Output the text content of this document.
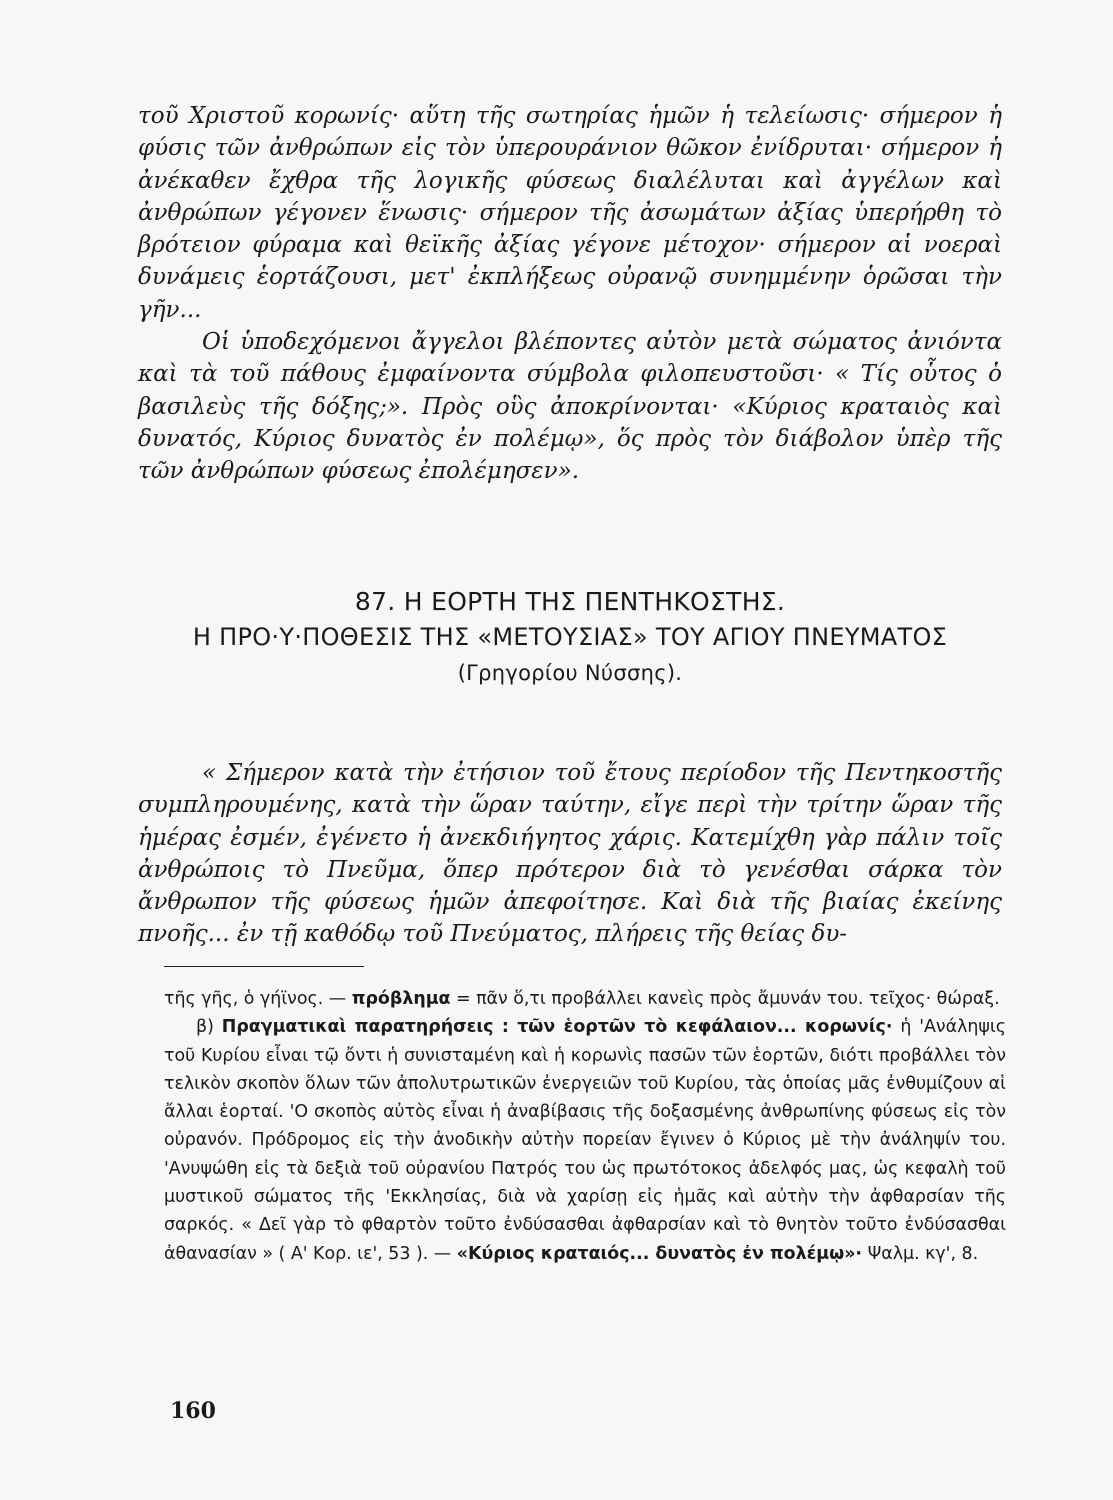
τοῦ Χριστοῦ κορωνίς· αὕτη τῆς σωτηρίας ἡμῶν ἡ τελείωσις· σήμερον ἡ φύσις τῶν ἀνθρώπων εἰς τὸν ὑπερουράνιον θῶκον ἐνίδρυται· σήμερον ἡ ἀνέκαθεν ἔχθρα τῆς λογικῆς φύσεως διαλέλυται καὶ ἀγγέλων καὶ ἀνθρώπων γέγονεν ἕνωσις· σήμερον τῆς ἀσωμάτων ἀξίας ὑπερήρθη τὸ βρότειον φύραμα καὶ θεϊκῆς ἀξίας γέγονε μέτοχον· σήμερον αἱ νοεραὶ δυνάμεις ἑορτάζουσι, μετ' ἐκπλήξεως οὐρανῷ συνημμένην ὁρῶσαι τὴν γῆν...

Οἱ ὑποδεχόμενοι ἄγγελοι βλέποντες αὐτὸν μετὰ σώματος ἀνιόντα καὶ τὰ τοῦ πάθους ἐμφαίνοντα σύμβολα φιλοπευστοῦσι· « Τίς οὗτος ὁ βασιλεὺς τῆς δόξης;». Πρὸς οὓς ἀποκρίνονται· «Κύριος κραταιὸς καὶ δυνατός, Κύριος δυνατὸς ἐν πολέμῳ», ὅς πρὸς τὸν διάβολον ὑπὲρ τῆς τῶν ἀνθρώπων φύσεως ἐπολέμησεν».

« Σήμερον κατὰ τὴν ἐτήσιον τοῦ ἔτους περίοδον τῆς Πεντηκοστῆς συμπληρουμένης, κατὰ τὴν ὥραν ταύτην, εἴγε περὶ τὴν τρίτην ὥραν τῆς ἡμέρας ἐσμέν, ἐγένετο ἡ ἀνεκδιήγητος χάρις. Κατεμίχθη γὰρ πάλιν τοῖς ἀνθρώποις τὸ Πνεῦμα, ὅπερ πρότερον διὰ τὸ γενέσθαι σάρκα τὸν ἄνθρωπον τῆς φύσεως ἡμῶν ἀπεφοίτησε. Καὶ διὰ τῆς βιαίας ἐκείνης πνοῆς... ἐν τῇ καθόδῳ τοῦ Πνεύματος, πλήρεις τῆς θείας δυ-

87. Η ΕΟΡΤΗ ΤΗΣ ΠΕΝΤΗΚΟΣΤΗΣ.
Η ΠΡΟ·Υ·ΠΟΘΕΣΙΣ ΤΗΣ «ΜΕΤΟΥΣΙΑΣ» ΤΟΥ ΑΓΙΟΥ ΠΝΕΥΜΑΤΟΣ
(Γρηγορίου Νύσσης).

τῆς γῆς, ὁ γήϊνος. — πρόβλημα = πᾶν ὅ,τι προβάλλει κανεὶς πρὸς ἄμυνάν του. τεῖχος· θώραξ.

β) Πραγματικαὶ παρατηρήσεις : τῶν ἑορτῶν τὸ κεφάλαιον... κορωνίς· ἡ 'Ανάληψις τοῦ Κυρίου εἶναι τῷ ὄντι ἡ συνισταμένη καὶ ἡ κορωνὶς πασῶν τῶν ἑορτῶν, διότι προβάλλει τὸν τελικὸν σκοπὸν ὅλων τῶν ἀπολυτρωτικῶν ἐνεργειῶν τοῦ Κυρίου, τὰς ὁποίας μᾶς ἐνθυμίζουν αἱ ἄλλαι ἑορταί. 'Ο σκοπὸς αὐτὸς εἶναι ἡ ἀναβίβασις τῆς δοξασμένης ἀνθρωπίνης φύσεως εἰς τὸν οὐρανόν. Πρόδρομος εἰς τὴν ἀνοδικὴν αὐτὴν πορείαν ἔγινεν ὁ Κύριος μὲ τὴν ἀνάληψίν του. 'Ανυψώθη εἰς τὰ δεξιὰ τοῦ οὐρανίου Πατρός του ὡς πρωτότοκος ἀδελφός μας, ὡς κεφαλὴ τοῦ μυστικοῦ σώματος τῆς 'Εκκλησίας, διὰ νὰ χαρίσῃ εἰς ἡμᾶς καὶ αὐτὴν τὴν ἀφθαρσίαν τῆς σαρκός. « Δεῖ γὰρ τὸ φθαρτὸν τοῦτο ἐνδύσασθαι ἀφθαρσίαν καὶ τὸ θνητὸν τοῦτο ἐνδύσασθαι ἀθανασίαν » ( Α' Κορ. ιε', 53 ). — «Κύριος κραταιός... δυνατὸς ἐν πολέμῳ»· Ψαλμ. κγ', 8.

160
